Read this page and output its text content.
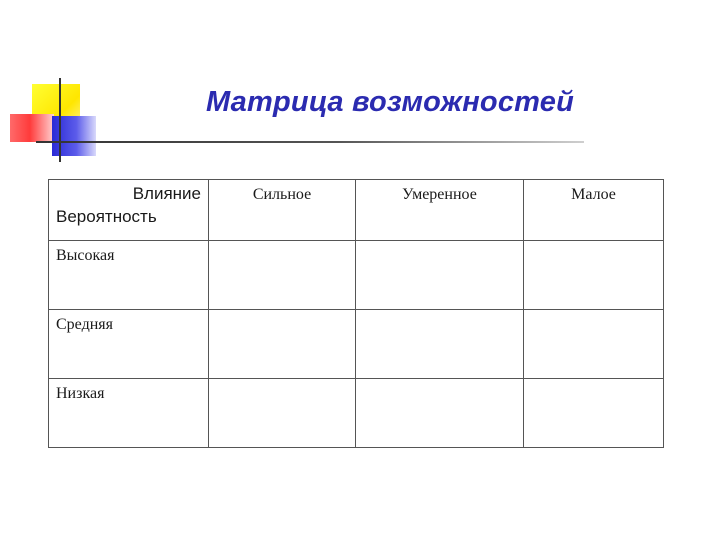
Матрица возможностей
Влияние
Вероятность	Сильное	Умеренное	Малое
Высокая			
Средняя			
Низкая			
